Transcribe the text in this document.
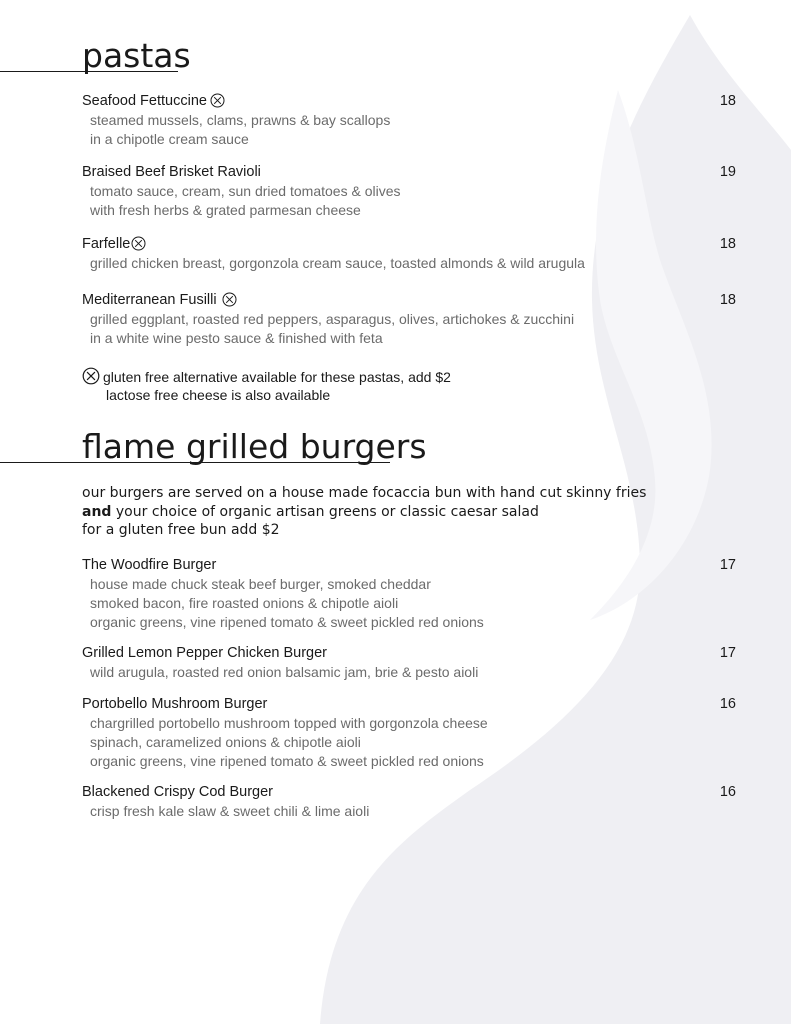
pastas
Seafood Fettuccine	18
steamed mussels, clams, prawns & bay scallops
in a chipotle cream sauce
Braised Beef Brisket Ravioli	19
tomato sauce, cream, sun dried tomatoes & olives
with fresh herbs & grated parmesan cheese
Farfelle	18
grilled chicken breast, gorgonzola cream sauce, toasted almonds & wild arugula
Mediterranean Fusilli	18
grilled eggplant, roasted red peppers, asparagus, olives, artichokes & zucchini
in a white wine pesto sauce & finished with feta
gluten free alternative available for these pastas, add $2
lactose free cheese is also available
flame grilled burgers
our burgers are served on a house made focaccia bun with hand cut skinny fries
and your choice of organic artisan greens or classic caesar salad
for a gluten free bun add $2
The Woodfire Burger	17
house made chuck steak beef burger, smoked cheddar
smoked bacon, fire roasted onions & chipotle aioli
organic greens, vine ripened tomato & sweet pickled red onions
Grilled Lemon Pepper Chicken Burger	17
wild arugula, roasted red onion balsamic jam, brie & pesto aioli
Portobello Mushroom Burger	16
chargrilled portobello mushroom topped with gorgonzola cheese
spinach, caramelized onions & chipotle aioli
organic greens, vine ripened tomato & sweet pickled red onions
Blackened Crispy Cod Burger	16
crisp fresh kale slaw & sweet chili & lime aioli
